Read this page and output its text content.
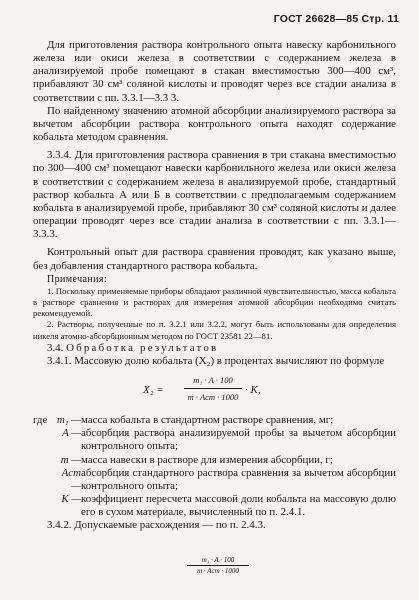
ГОСТ 26628—85 Стр. 11

Для приготовления раствора контрольного опыта навеску карбонильного железа или окиси железа в соответствии с содержанием железа в анализируемой пробе помещают в стакан вместимостью 300—400 см³, прибавляют 30 см³ соляной кислоты и проводят через все стадии анализа в соответствии с пп. 3.3.1—3.3 3.

По найденному значению атомной абсорбции анализируемого раствора за вычетом абсорбции раствора контрольного опыта находят содержание кобальта методом сравнения.

3.3.4. Для приготовления раствора сравнения в три стакана вместимостью по 300—400 см³ помещают навески карбонильного железа или окиси железа в соответствии с содержанием железа в анализируемой пробе, стандартный раствор кобальта А или Б в соответствии с предполагаемым содержанием кобальта в анализируемой пробе, прибавляют 30 см³ соляной кислоты и далее операции проводят через все стадии анализа в соответствии с пп. 3.3.1—3.3.3.

Контрольный опыт для раствора сравнения проводят, как указано выше, без добавления стандартного раствора кобальта.

Примечания:

1. Поскольку применяемые приборы обладают различной чувствительностью, масса кобальта в растворе сравнения и растворах для измерения атомной абсорбции необходимо считать рекомендуемой.

2. Растворы, полученные по п. 3.2.1 или 3.2.2, могут быть использованы для определения никеля атомно-абсорбционным методом по ГОСТ 23581 22—81.

3.4. Обработка результатов

3.4.1. Массовую долю кобальта (X₂) в процентах вычисляют по формуле

X₂ =
m₁ · A · 100
m · Aст · 1000
· K,
где	m₁ —	масса кобальта в стандартном растворе сравнения, мг;
	A —	абсорбция раствора анализируемой пробы за вычетом абсорбции контрольного опыта;
	m —	масса навески в растворе для измерения абсорбции, г;
	Aст —	абсорбция стандартного раствора сравнения за вычетом абсорбции контрольного опыта;
	K —	коэффициент пересчета массовой доли кобальта на массовую долю его в сухом материале, вычисленный по п. 2.4.1.

3.4.2. Допускаемые расхождения — по п. 2.4.3.

m₁ · A · 100
m · Aст · 1000
